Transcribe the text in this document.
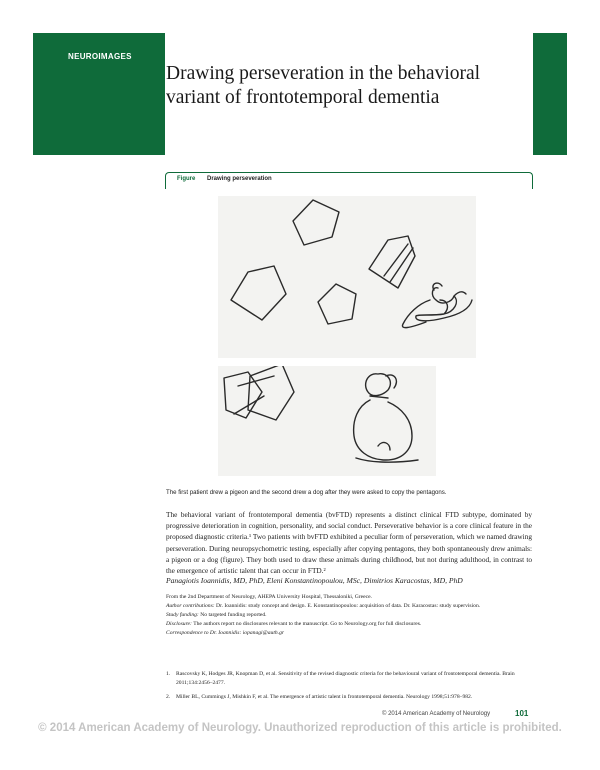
NEUROIMAGES
Drawing perseveration in the behavioral
variant of frontotemporal dementia
Figure Drawing perseveration
The first patient drew a pigeon and the second drew a dog after they were asked to copy the pentagons.

The behavioral variant of frontotemporal dementia (bvFTD) represents a distinct clinical FTD subtype, dominated by progressive deterioration in cognition, personality, and social conduct. Perseverative behavior is a core clinical feature in the proposed diagnostic criteria.¹ Two patients with bvFTD exhibited a peculiar form of perseveration, which we named drawing perseveration. During neuropsychometric testing, especially after copying pentagons, they both spontaneously drew animals: a pigeon or a dog (figure). They both used to draw these animals during childhood, but not during adulthood, in contrast to the emergence of artistic talent that can occur in FTD.²

Panagiotis Ioannidis, MD, PhD, Eleni Konstantinopoulou, MSc, Dimitrios Karacostas, MD, PhD
From the 2nd Department of Neurology, AHEPA University Hospital, Thessaloniki, Greece.
Author contributions: Dr. Ioannidis: study concept and design. E. Konstantinopoulou: acquisition of data. Dr. Karacostas: study supervision.
Study funding: No targeted funding reported.
Disclosure: The authors report no disclosures relevant to the manuscript. Go to Neurology.org for full disclosures.
Correspondence to Dr. Ioannidis: iopanagi@auth.gr
1. Rascovsky K, Hodges JR, Knopman D, et al. Sensitivity of the revised diagnostic criteria for the behavioural variant of frontotemporal dementia. Brain 2011;134:2456–2477.
2. Miller BL, Cummings J, Mishkin F, et al. The emergence of artistic talent in frontotemporal dementia. Neurology 1998;51:978–982.
© 2014 American Academy of Neurology	101
© 2014 American Academy of Neurology. Unauthorized reproduction of this article is prohibited.
